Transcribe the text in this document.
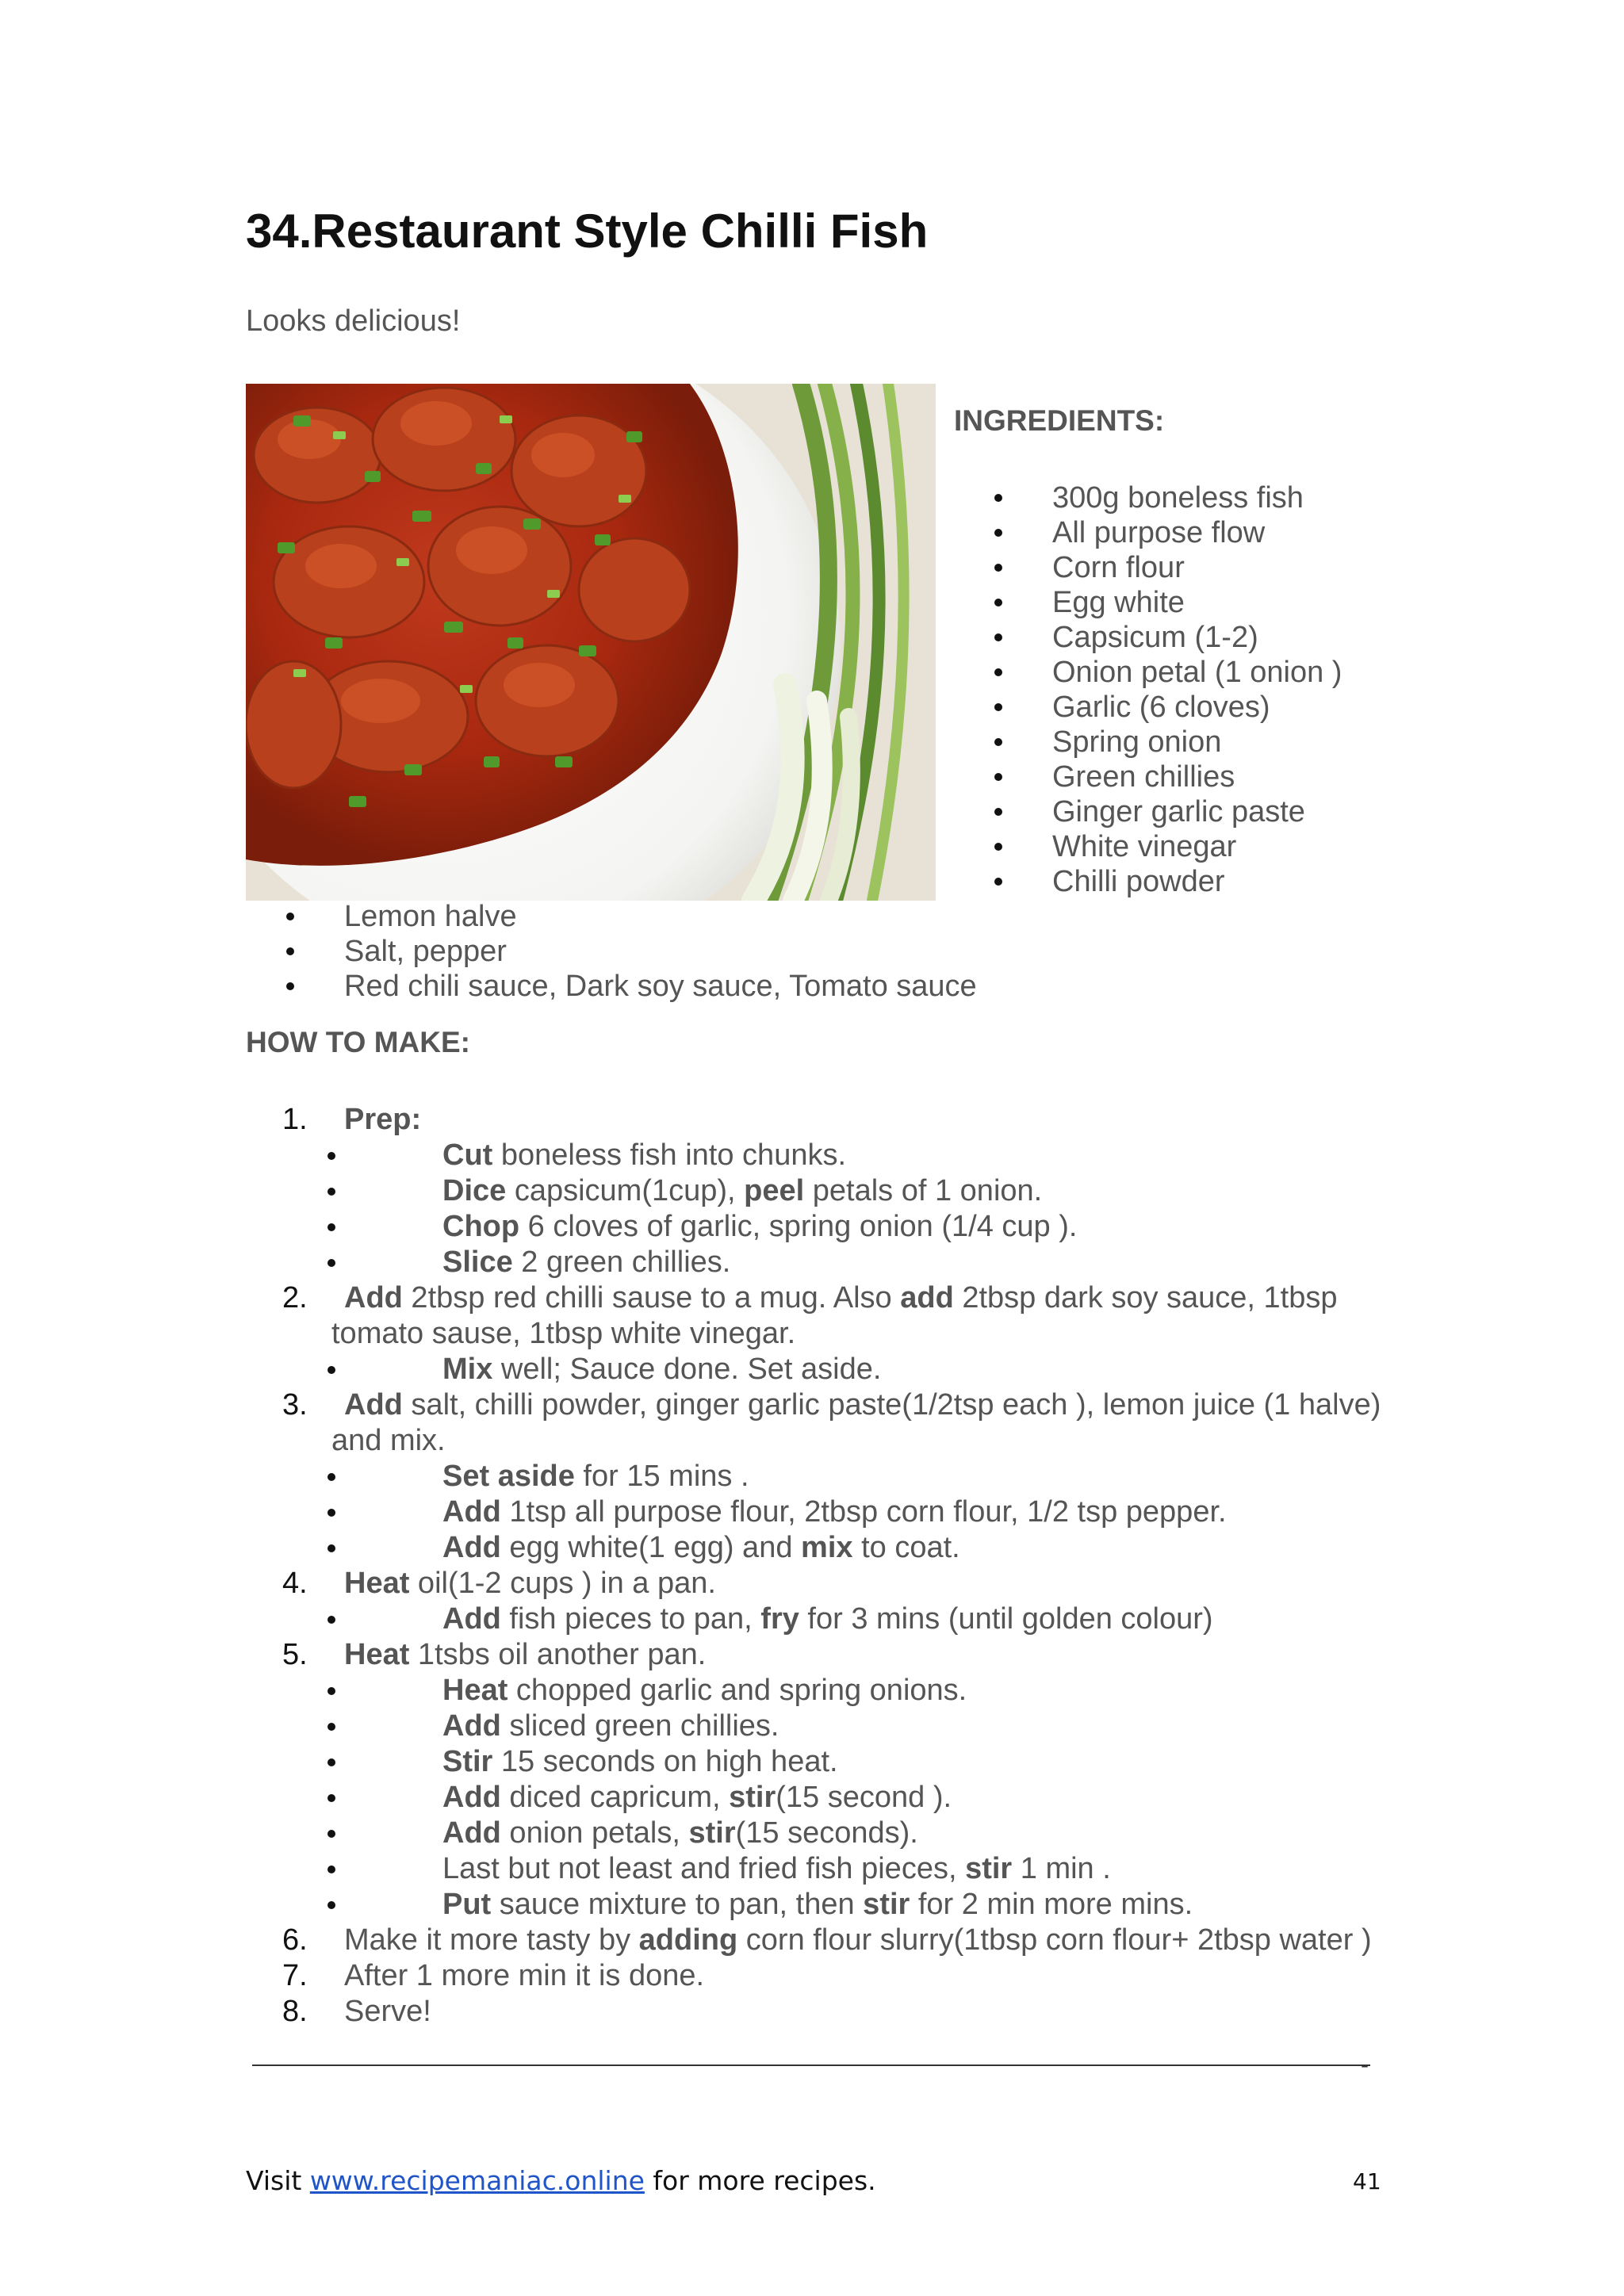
34.Restaurant Style Chilli Fish
Looks delicious!
INGREDIENTS:
300g boneless fish
All purpose flow
Corn flour
Egg white
Capsicum (1-2)
Onion petal (1 onion )
Garlic (6 cloves)
Spring onion
Green chillies
Ginger garlic paste
White vinegar
Chilli powder
Lemon halve
Salt, pepper
Red chili sauce, Dark soy sauce, Tomato sauce
HOW TO MAKE:
1. Prep:
Cut boneless fish into chunks.
Dice capsicum(1cup), peel petals of 1 onion.
Chop 6 cloves of garlic, spring onion (1/4 cup ).
Slice 2 green chillies.
2. Add 2tbsp red chilli sause to a mug. Also add 2tbsp dark soy sauce, 1tbsp
tomato sause, 1tbsp white vinegar.
Mix well; Sauce done. Set aside.
3. Add salt, chilli powder, ginger garlic paste(1/2tsp each ), lemon juice (1 halve)
and mix.
Set aside for 15 mins .
Add 1tsp all purpose flour, 2tbsp corn flour, 1/2 tsp pepper.
Add egg white(1 egg) and mix to coat.
4. Heat oil(1-2 cups ) in a pan.
Add fish pieces to pan, fry for 3 mins (until golden colour)
5. Heat 1tsbs oil another pan.
Heat chopped garlic and spring onions.
Add sliced green chillies.
Stir 15 seconds on high heat.
Add diced capricum, stir(15 second ).
Add onion petals, stir(15 seconds).
Last but not least and fried fish pieces, stir 1 min .
Put sauce mixture to pan, then stir for 2 min more mins.
6. Make it more tasty by adding corn flour slurry(1tbsp corn flour+ 2tbsp water )
7. After 1 more min it is done.
8. Serve!
-
Visit www.recipemaniac.online for more recipes.	41
